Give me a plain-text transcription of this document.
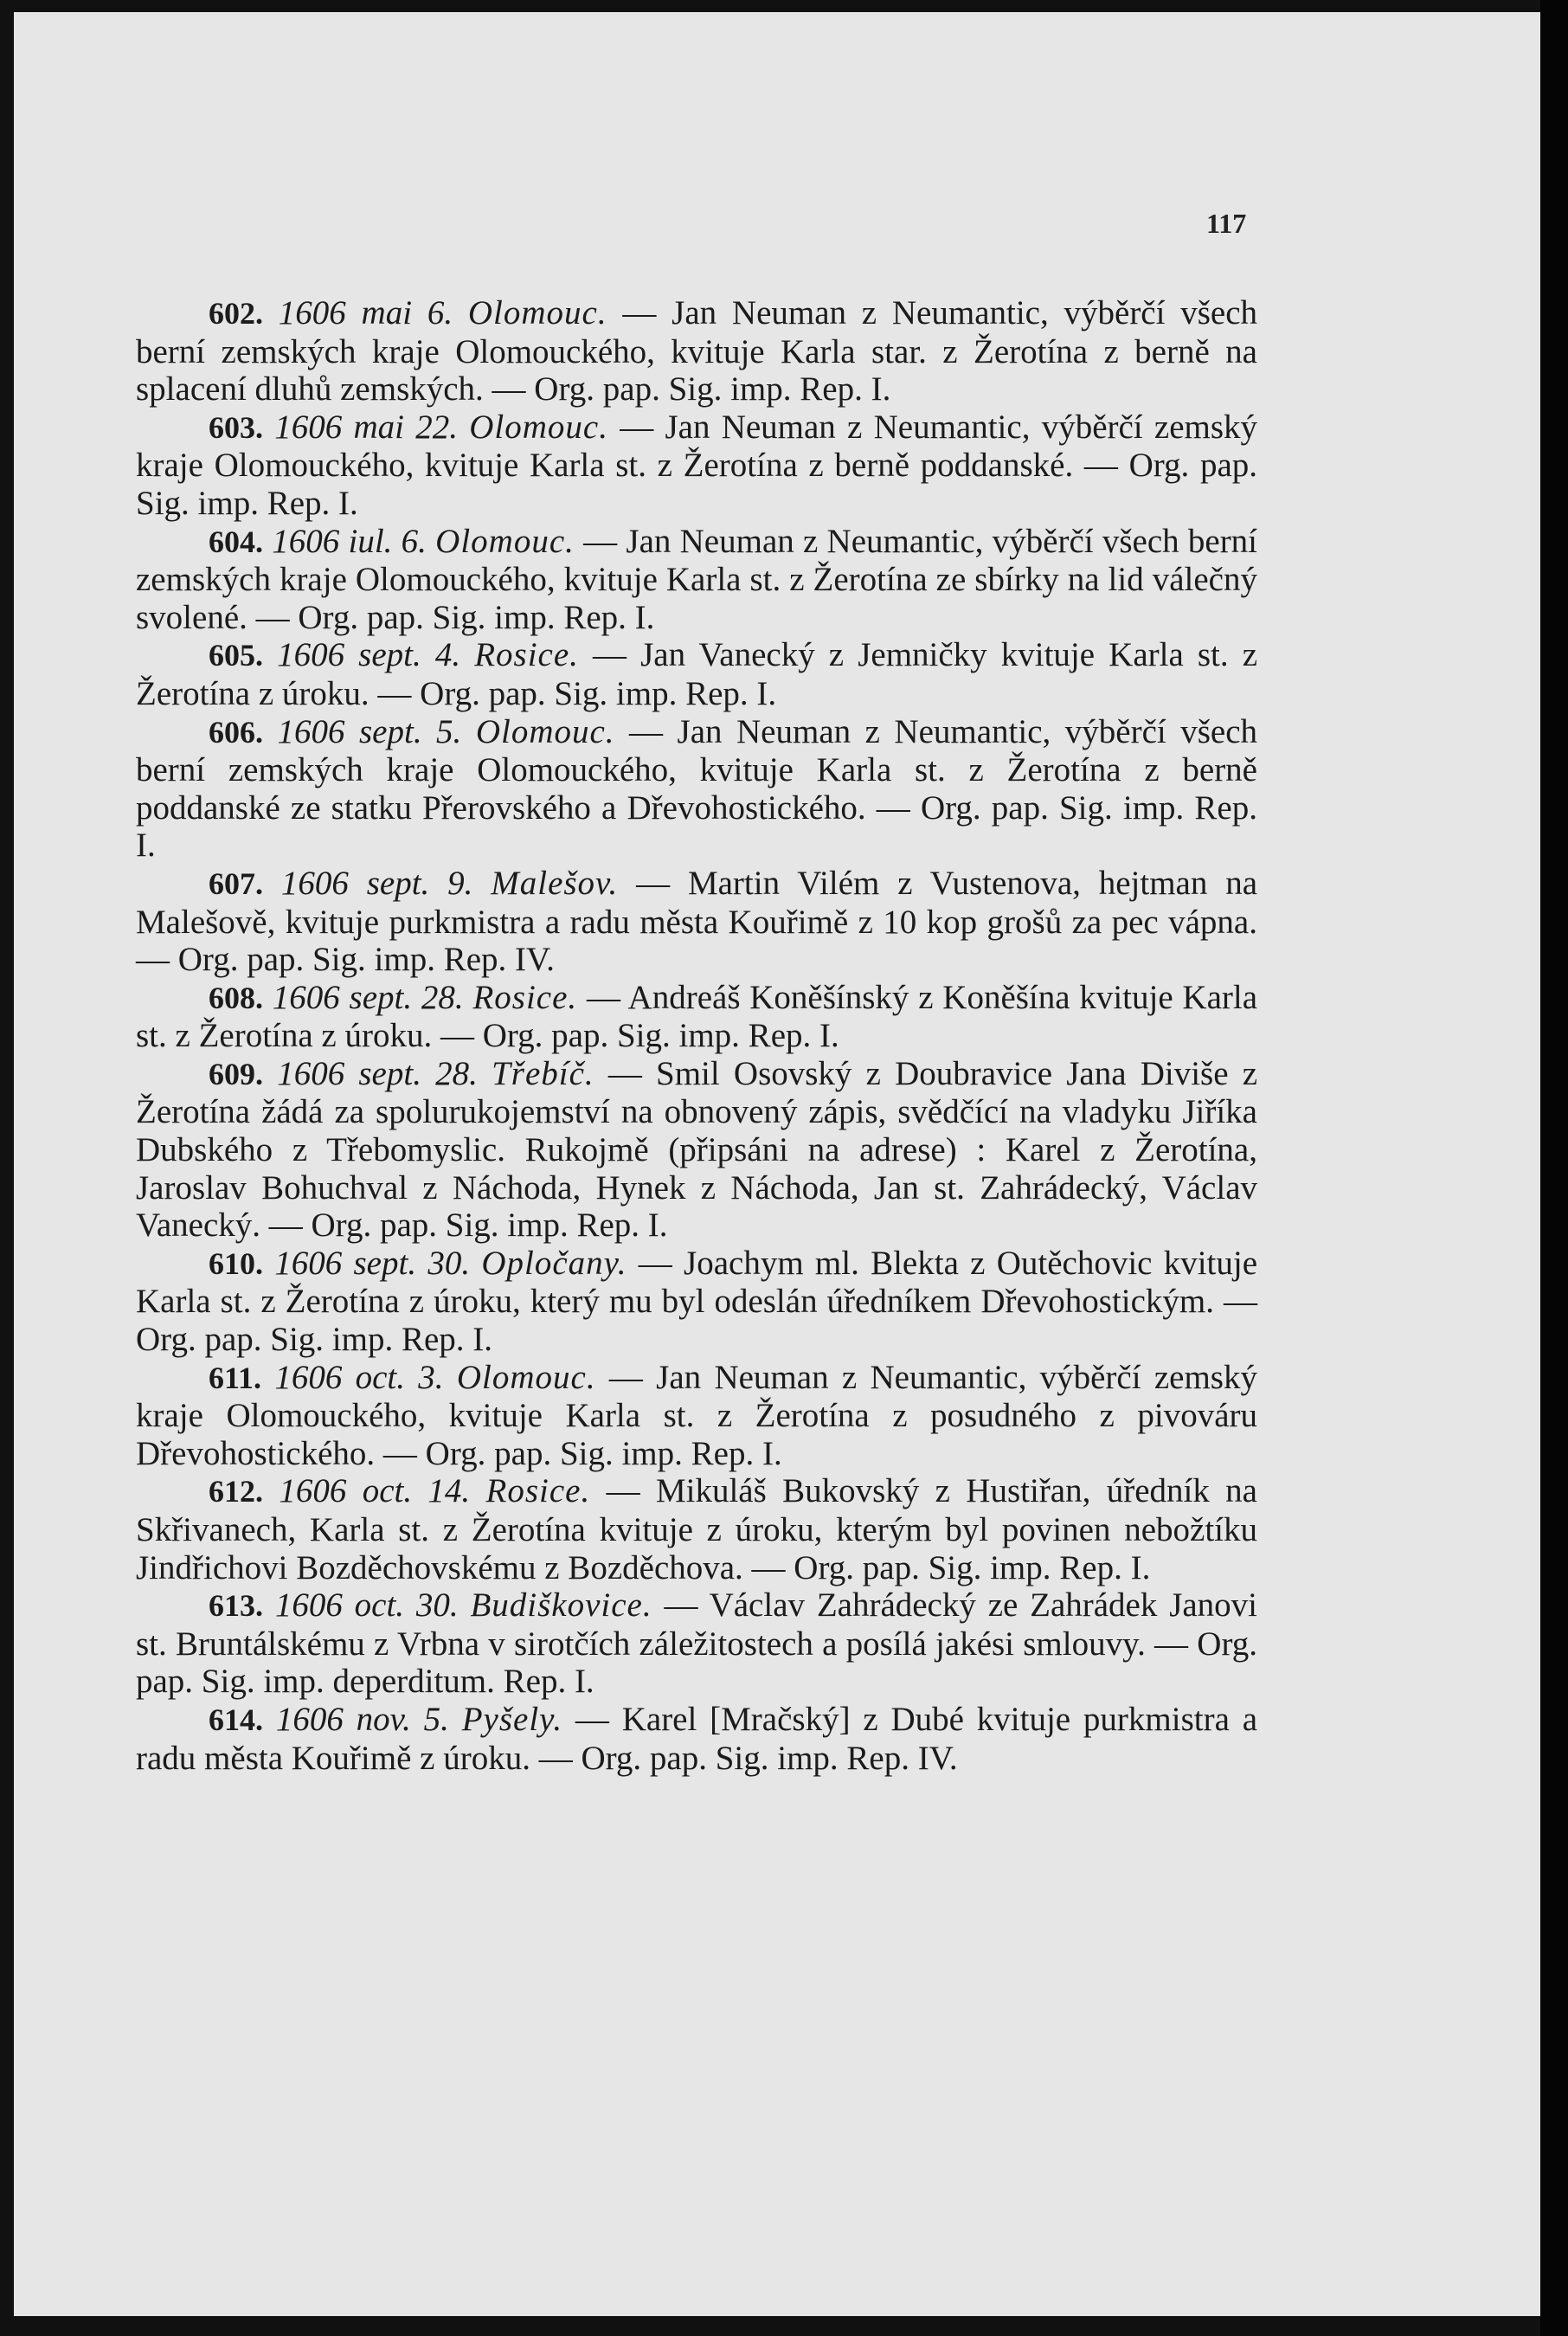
117

602. 1606 mai 6. Olomouc. — Jan Neuman z Neumantic, výběrčí všech berní zemských kraje Olomouckého, kvituje Karla star. z Žerotína z berně na splacení dluhů zemských. — Org. pap. Sig. imp. Rep. I.

603. 1606 mai 22. Olomouc. — Jan Neuman z Neumantic, výběrčí zemský kraje Olomouckého, kvituje Karla st. z Žerotína z berně poddanské. — Org. pap. Sig. imp. Rep. I.

604. 1606 iul. 6. Olomouc. — Jan Neuman z Neumantic, výběrčí všech berní zemských kraje Olomouckého, kvituje Karla st. z Žerotína ze sbírky na lid válečný svolené. — Org. pap. Sig. imp. Rep. I.

605. 1606 sept. 4. Rosice. — Jan Vanecký z Jemničky kvituje Karla st. z Žerotína z úroku. — Org. pap. Sig. imp. Rep. I.

606. 1606 sept. 5. Olomouc. — Jan Neuman z Neumantic, výběrčí všech berní zemských kraje Olomouckého, kvituje Karla st. z Žerotína z berně poddanské ze statku Přerovského a Dřevohostického. — Org. pap. Sig. imp. Rep. I.

607. 1606 sept. 9. Malešov. — Martin Vilém z Vustenova, hejtman na Malešově, kvituje purkmistra a radu města Kouřimě z 10 kop grošů za pec vápna. — Org. pap. Sig. imp. Rep. IV.

608. 1606 sept. 28. Rosice. — Andreáš Koněšínský z Koněšína kvituje Karla st. z Žerotína z úroku. — Org. pap. Sig. imp. Rep. I.

609. 1606 sept. 28. Třebíč. — Smil Osovský z Doubravice Jana Diviše z Žerotína žádá za spolurukojemství na obnovený zápis, svědčící na vladyku Jiříka Dubského z Třebomyslic. Rukojmě (připsáni na adrese) : Karel z Žerotína, Jaroslav Bohuchval z Náchoda, Hynek z Náchoda, Jan st. Zahrádecký, Václav Vanecký. — Org. pap. Sig. imp. Rep. I.

610. 1606 sept. 30. Opločany. — Joachym ml. Blekta z Outěchovic kvituje Karla st. z Žerotína z úroku, který mu byl odeslán úředníkem Dřevohostickým. — Org. pap. Sig. imp. Rep. I.

611. 1606 oct. 3. Olomouc. — Jan Neuman z Neumantic, výběrčí zemský kraje Olomouckého, kvituje Karla st. z Žerotína z posudného z pivováru Dřevohostického. — Org. pap. Sig. imp. Rep. I.

612. 1606 oct. 14. Rosice. — Mikuláš Bukovský z Hustiřan, úředník na Skřivanech, Karla st. z Žerotína kvituje z úroku, kterým byl povinen nebožtíku Jindřichovi Bozděchovskému z Bozděchova. — Org. pap. Sig. imp. Rep. I.

613. 1606 oct. 30. Budiškovice. — Václav Zahrádecký ze Zahrádek Janovi st. Bruntálskému z Vrbna v sirotčích záležitostech a posílá jakési smlouvy. — Org. pap. Sig. imp. deperditum. Rep. I.

614. 1606 nov. 5. Pyšely. — Karel [Mračský] z Dubé kvituje purkmistra a radu města Kouřimě z úroku. — Org. pap. Sig. imp. Rep. IV.
